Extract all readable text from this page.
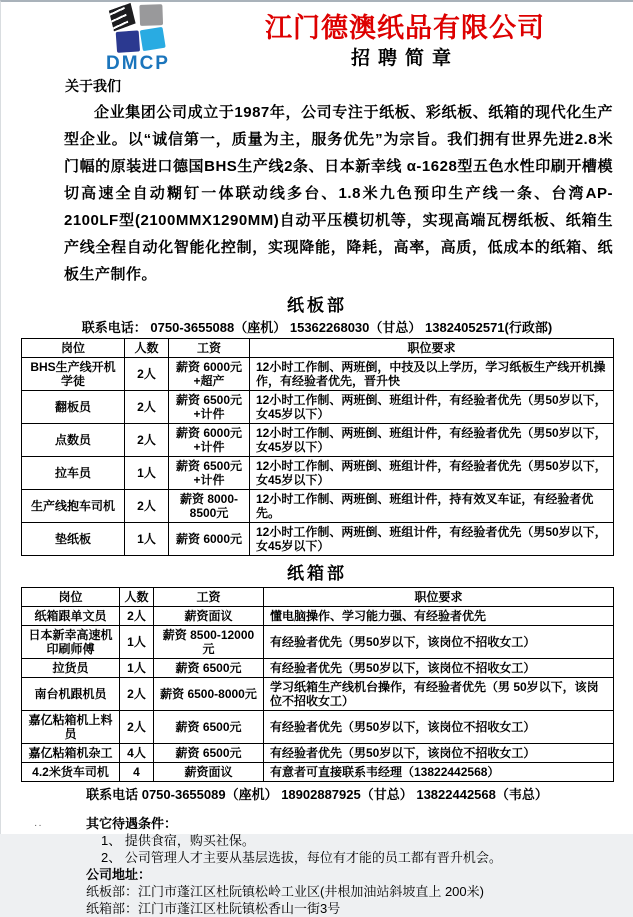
DMCP
江门德澳纸品有限公司
招聘简章
关于我们
企业集团公司成立于1987年，公司专注于纸板、彩纸板、纸箱的现代化生产型企业。以“诚信第一，质量为主，服务优先”为宗旨。我们拥有世界先进2.8米门幅的原装进口德国BHS生产线2条、日本新幸线 α-1628型五色水性印刷开槽模切高速全自动糊钉一体联动线多台、1.8米九色预印生产线一条、台湾AP-2100LF型(2100MMX1290MM)自动平压模切机等，实现高端瓦楞纸板、纸箱生产线全程自动化智能化控制，实现降能，降耗，高率，高质，低成本的纸箱、纸板生产制作。
纸板部
联系电话： 0750-3655088（座机） 15362268030（甘总） 13824052571(行政部)
岗位	人数	工资	职位要求
BHS生产线开机学徒	2人	薪资 6000元+超产	12小时工作制、两班倒，中技及以上学历，学习纸板生产线开机操作，有经验者优先，晋升快
翻板员	2人	薪资 6500元+计件	12小时工作制、两班倒、班组计件，有经验者优先（男50岁以下，女45岁以下）
点数员	2人	薪资 6000元+计件	12小时工作制、两班倒、班组计件，有经验者优先（男50岁以下，女45岁以下）
拉车员	1人	薪资 6500元+计件	12小时工作制、两班倒、班组计件，有经验者优先（男50岁以下，女45岁以下）
生产线抱车司机	2人	薪资 8000-8500元	12小时工作制、两班倒、班组计件，持有效叉车证，有经验者优先。
垫纸板	1人	薪资 6000元	12小时工作制、两班倒、班组计件，有经验者优先（男50岁以下，女45岁以下）
纸箱部
岗位	人数	工资	职位要求
纸箱跟单文员	2人	薪资面议	懂电脑操作、学习能力强、有经验者优先
日本新幸高速机印刷师傅	1人	薪资 8500-12000元	有经验者优先（男50岁以下，该岗位不招收女工）
拉货员	1人	薪资 6500元	有经验者优先（男50岁以下，该岗位不招收女工）
南台机跟机员	2人	薪资 6500-8000元	学习纸箱生产线机台操作，有经验者优先（男 50岁以下，该岗位不招收女工）
嘉亿粘箱机上料员	2人	薪资 6500元	有经验者优先（男50岁以下，该岗位不招收女工）
嘉亿粘箱机杂工	4人	薪资 6500元	有经验者优先（男50岁以下，该岗位不招收女工）
4.2米货车司机	4	薪资面议	有意者可直接联系韦经理（13822442568）
联系电话 0750-3655089（座机） 18902887925（甘总） 13822442568（韦总）
其它待遇条件：
1、 提供食宿，购买社保。
2、 公司管理人才主要从基层选拔，每位有才能的员工都有晋升机会。
公司地址：
纸板部：江门市蓬江区杜阮镇松岭工业区(井根加油站斜坡直上 200米)
纸箱部：江门市蓬江区杜阮镇松香山一街3号
··
